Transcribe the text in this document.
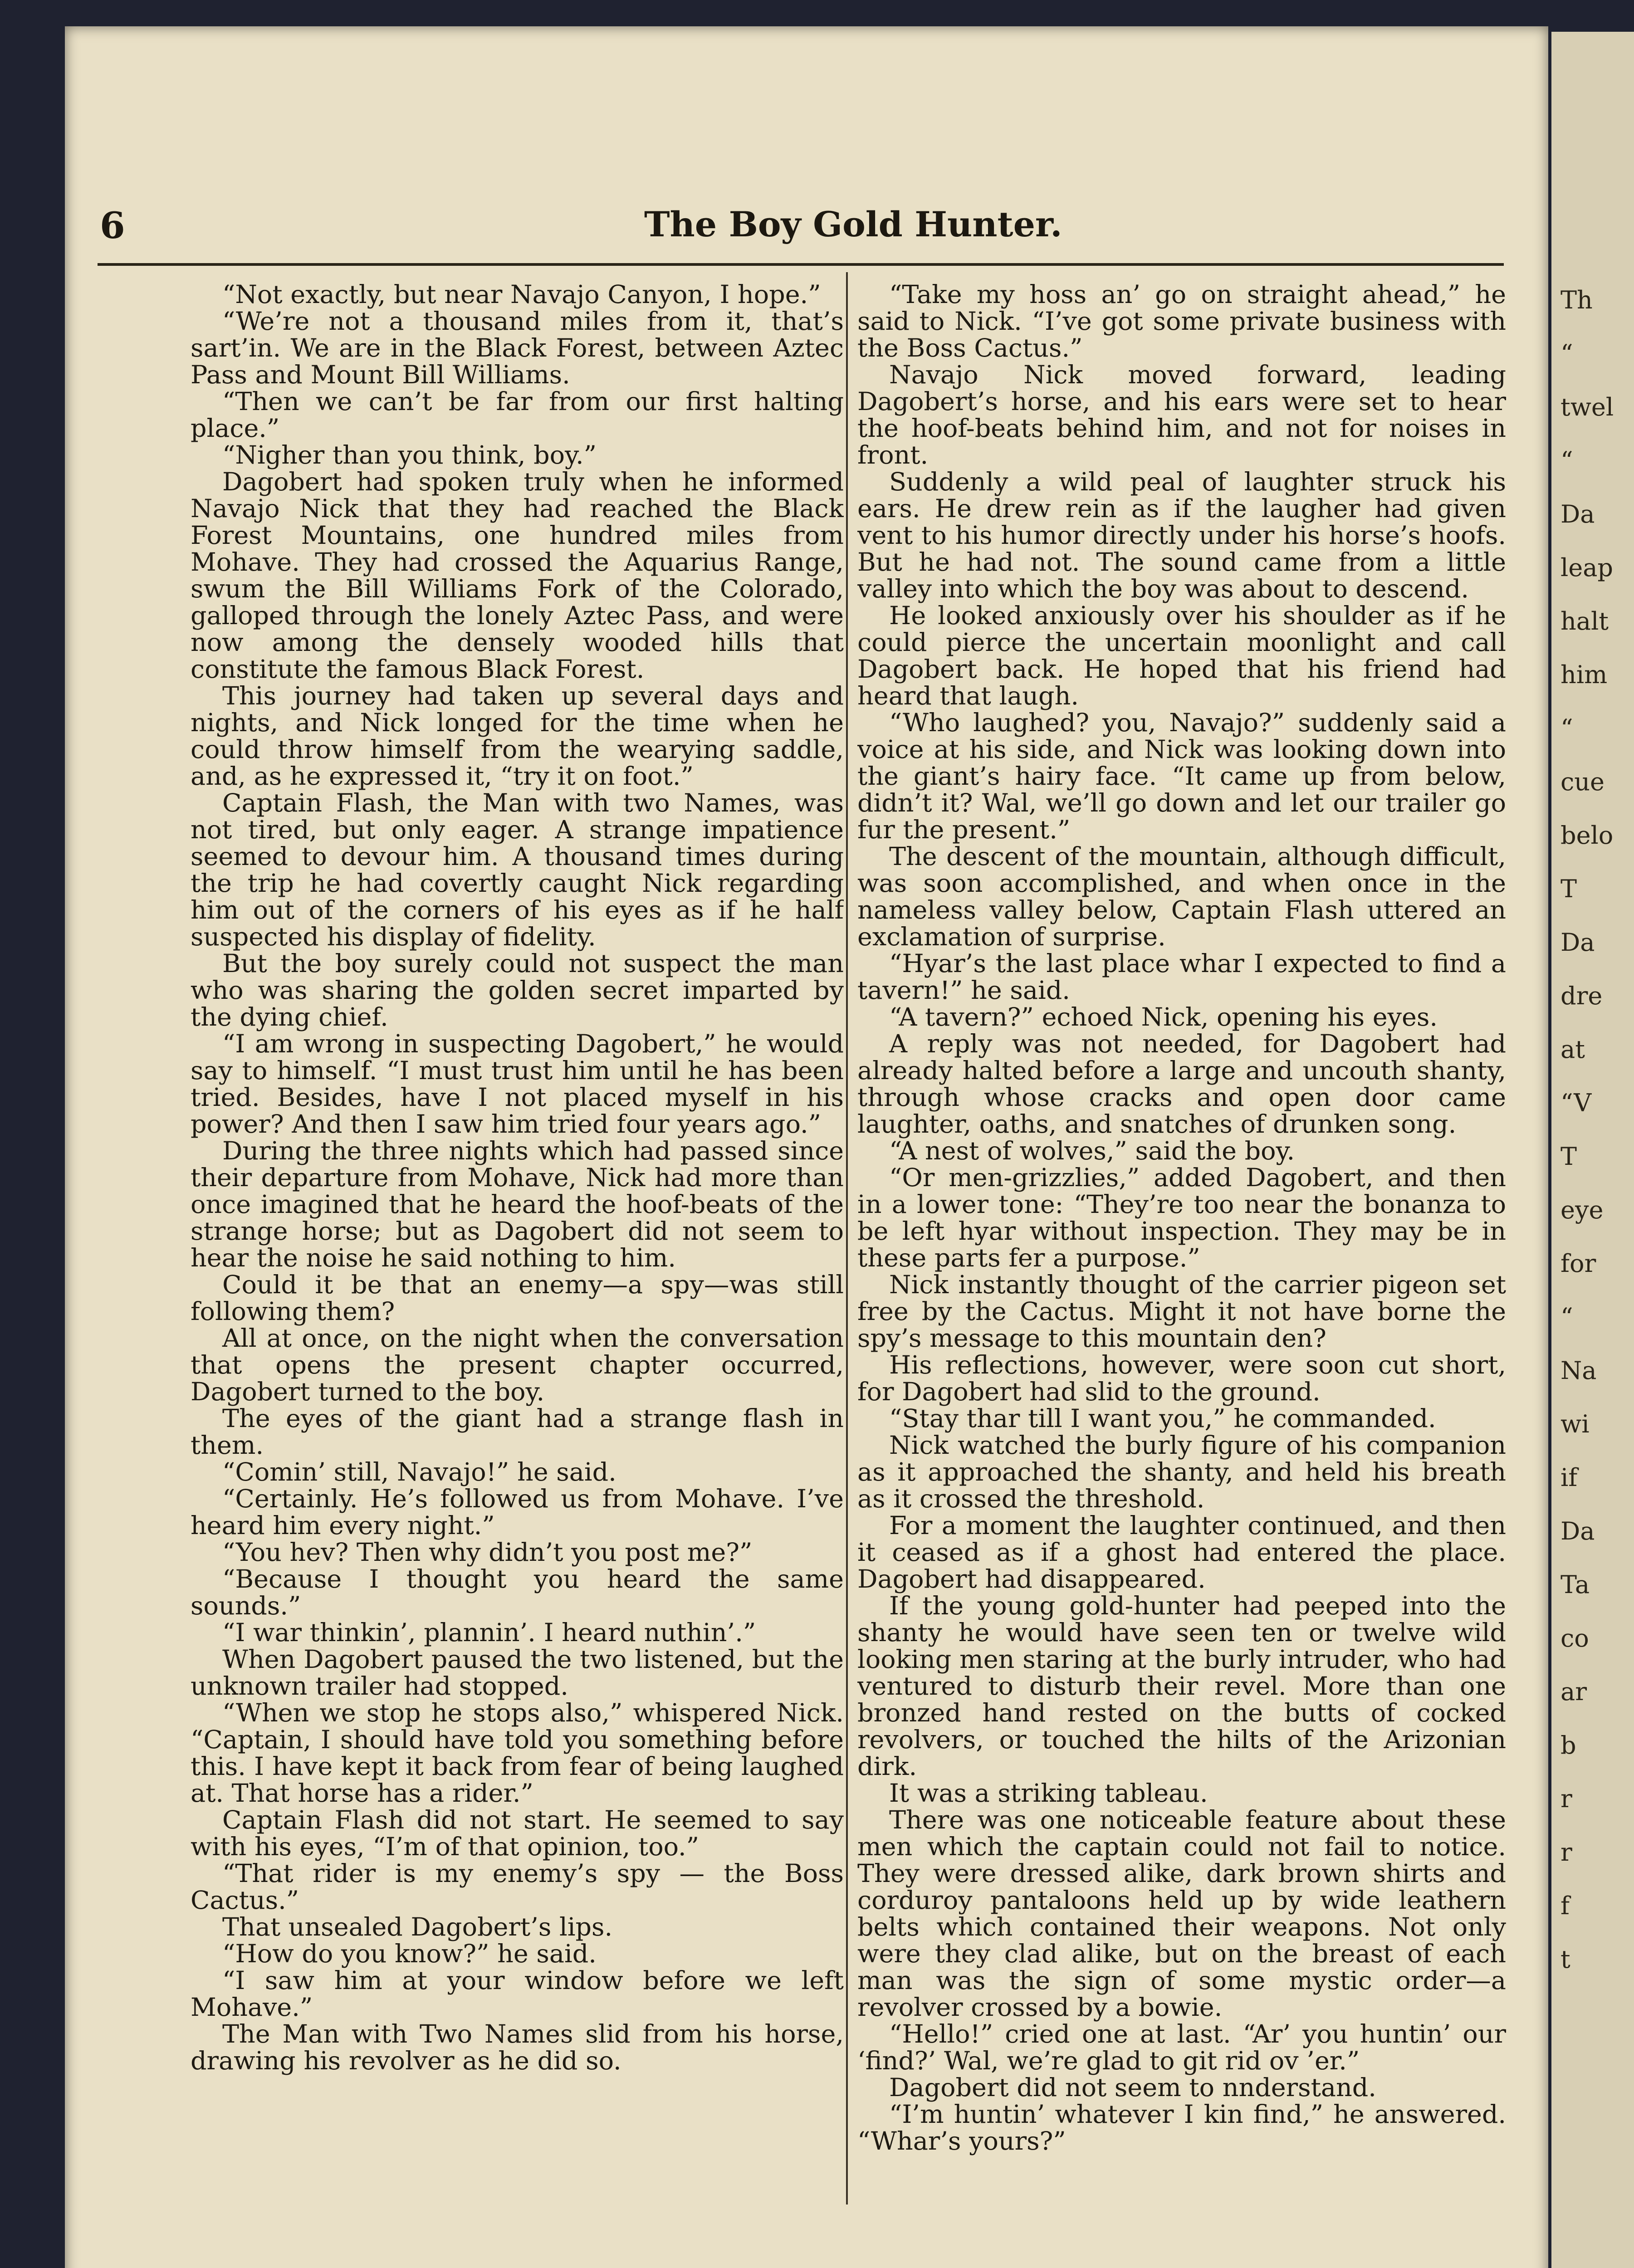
Th
“
twel
“
Da
leap
halt
him
“
cue
belo
T
Da
dre
at
“V
T
eye
for
“
Na
wi
if
Da
Ta
co
ar
b
r
r
f
t
6	The Boy Gold Hunter.

“Not exactly, but near Navajo Canyon, I hope.”

“We’re not a thousand miles from it, that’s sart’in. We are in the Black Forest, between Aztec Pass and Mount Bill Williams.

“Then we can’t be far from our first halting place.”

“Nigher than you think, boy.”

Dagobert had spoken truly when he informed Navajo Nick that they had reached the Black Forest Mountains, one hundred miles from Mohave. They had crossed the Aquarius Range, swum the Bill Williams Fork of the Colorado, galloped through the lonely Aztec Pass, and were now among the densely wooded hills that constitute the famous Black Forest.

This journey had taken up several days and nights, and Nick longed for the time when he could throw himself from the wearying saddle, and, as he expressed it, “try it on foot.”

Captain Flash, the Man with two Names, was not tired, but only eager. A strange impatience seemed to devour him. A thousand times during the trip he had covertly caught Nick regarding him out of the corners of his eyes as if he half suspected his display of fidelity.

But the boy surely could not suspect the man who was sharing the golden secret imparted by the dying chief.

“I am wrong in suspecting Dagobert,” he would say to himself. “I must trust him until he has been tried. Besides, have I not placed myself in his power? And then I saw him tried four years ago.”

During the three nights which had passed since their departure from Mohave, Nick had more than once imagined that he heard the hoof-beats of the strange horse; but as Dagobert did not seem to hear the noise he said nothing to him.

Could it be that an enemy—a spy—was still following them?

All at once, on the night when the conversation that opens the present chapter occurred, Dagobert turned to the boy.

The eyes of the giant had a strange flash in them.

“Comin’ still, Navajo!” he said.

“Certainly. He’s followed us from Mohave. I’ve heard him every night.”

“You hev? Then why didn’t you post me?”

“Because I thought you heard the same sounds.”

“I war thinkin’, plannin’. I heard nuthin’.”

When Dagobert paused the two listened, but the unknown trailer had stopped.

“When we stop he stops also,” whispered Nick. “Captain, I should have told you something before this. I have kept it back from fear of being laughed at. That horse has a rider.”

Captain Flash did not start. He seemed to say with his eyes, “I’m of that opinion, too.”

“That rider is my enemy’s spy — the Boss Cactus.”

That unsealed Dagobert’s lips.

“How do you know?” he said.

“I saw him at your window before we left Mohave.”

The Man with Two Names slid from his horse, drawing his revolver as he did so.

“Take my hoss an’ go on straight ahead,” he said to Nick. “I’ve got some private business with the Boss Cactus.”

Navajo Nick moved forward, leading Dagobert’s horse, and his ears were set to hear the hoof-beats behind him, and not for noises in front.

Suddenly a wild peal of laughter struck his ears. He drew rein as if the laugher had given vent to his humor directly under his horse’s hoofs. But he had not. The sound came from a little valley into which the boy was about to descend.

He looked anxiously over his shoulder as if he could pierce the uncertain moonlight and call Dagobert back. He hoped that his friend had heard that laugh.

“Who laughed? you, Navajo?” suddenly said a voice at his side, and Nick was looking down into the giant’s hairy face. “It came up from below, didn’t it? Wal, we’ll go down and let our trailer go fur the present.”

The descent of the mountain, although difficult, was soon accomplished, and when once in the nameless valley below, Captain Flash uttered an exclamation of surprise.

“Hyar’s the last place whar I expected to find a tavern!” he said.

“A tavern?” echoed Nick, opening his eyes.

A reply was not needed, for Dagobert had already halted before a large and uncouth shanty, through whose cracks and open door came laughter, oaths, and snatches of drunken song.

“A nest of wolves,” said the boy.

“Or men-grizzlies,” added Dagobert, and then in a lower tone: “They’re too near the bonanza to be left hyar without inspection. They may be in these parts fer a purpose.”

Nick instantly thought of the carrier pigeon set free by the Cactus. Might it not have borne the spy’s message to this mountain den?

His reflections, however, were soon cut short, for Dagobert had slid to the ground.

“Stay thar till I want you,” he commanded.

Nick watched the burly figure of his companion as it approached the shanty, and held his breath as it crossed the threshold.

For a moment the laughter continued, and then it ceased as if a ghost had entered the place. Dagobert had disappeared.

If the young gold-hunter had peeped into the shanty he would have seen ten or twelve wild looking men staring at the burly intruder, who had ventured to disturb their revel. More than one bronzed hand rested on the butts of cocked revolvers, or touched the hilts of the Arizonian dirk.

It was a striking tableau.

There was one noticeable feature about these men which the captain could not fail to notice. They were dressed alike, dark brown shirts and corduroy pantaloons held up by wide leathern belts which contained their weapons. Not only were they clad alike, but on the breast of each man was the sign of some mystic order—a revolver crossed by a bowie.

“Hello!” cried one at last. “Ar’ you huntin’ our ‘find?’ Wal, we’re glad to git rid ov ’er.”

Dagobert did not seem to nnderstand.

“I’m huntin’ whatever I kin find,” he answered. “Whar’s yours?”
